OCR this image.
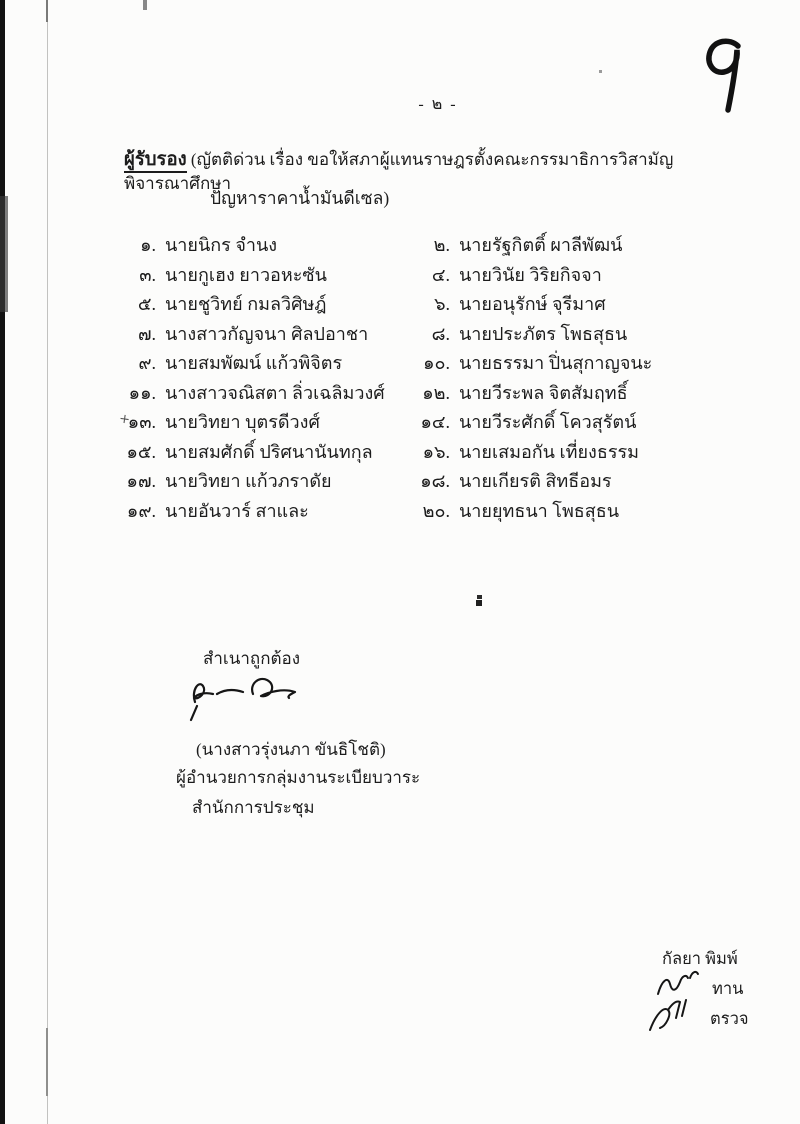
- ๒ -
ผู้รับรอง (ญัตติด่วน เรื่อง ขอให้สภาผู้แทนราษฎรตั้งคณะกรรมาธิการวิสามัญพิจารณาศึกษา
ปัญหาราคาน้ำมันดีเซล)
๑. นายนิกร จำนง
๓. นายกูเฮง ยาวอหะซัน
๕. นายชูวิทย์ กมลวิศิษฎ์
๗. นางสาวกัญจนา ศิลปอาชา
๙. นายสมพัฒน์ แก้วพิจิตร
๑๑. นางสาวจณิสตา ลิ่วเฉลิมวงศ์
๑๓. นายวิทยา บุตรดีวงศ์
๑๕. นายสมศักดิ์ ปริศนานันทกุล
๑๗. นายวิทยา แก้วภราดัย
๑๙. นายอันวาร์ สาและ
๒. นายรัฐกิตติ์ ผาลีพัฒน์
๔. นายวินัย วิริยกิจจา
๖. นายอนุรักษ์ จุรีมาศ
๘. นายประภัตร โพธสุธน
๑๐. นายธรรมา ปิ่นสุกาญจนะ
๑๒. นายวีระพล จิตสัมฤทธิ์
๑๔. นายวีระศักดิ์ โควสุรัตน์
๑๖. นายเสมอกัน เที่ยงธรรม
๑๘. นายเกียรติ สิทธีอมร
๒๐. นายยุทธนา โพธสุธน
+
สำเนาถูกต้อง
(นางสาวรุ่งนภา ขันธิโชติ)
ผู้อำนวยการกลุ่มงานระเบียบวาระ
สำนักการประชุม
กัลยา พิมพ์
ทาน
ตรวจ
